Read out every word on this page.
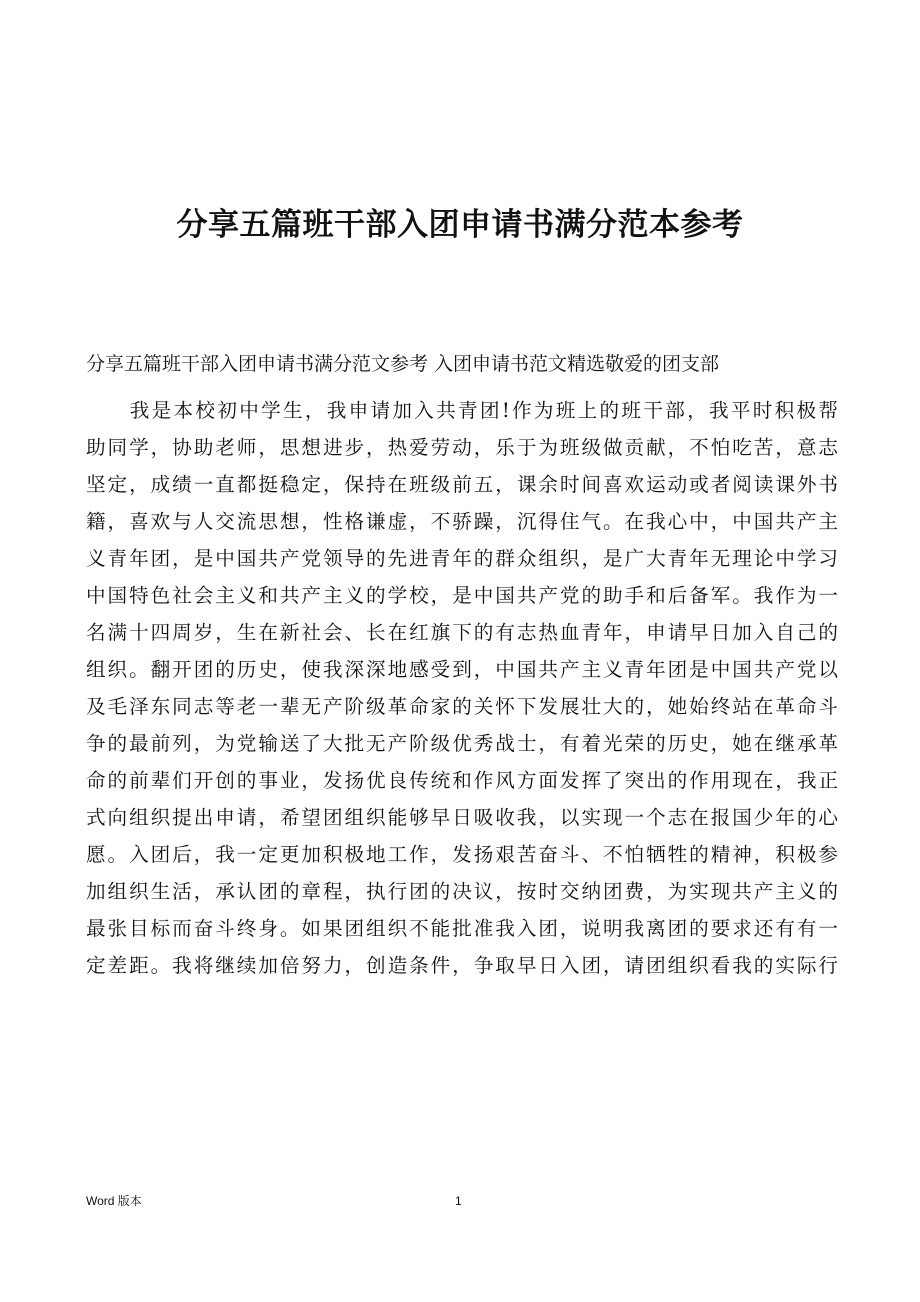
分享五篇班干部入团申请书满分范本参考
分享五篇班干部入团申请书满分范文参考 入团申请书范文精选敬爱的团支部
　　我是本校初中学生，我申请加入共青团!作为班上的班干部，我平时积极帮
助同学，协助老师，思想进步，热爱劳动，乐于为班级做贡献，不怕吃苦，意志
坚定，成绩一直都挺稳定，保持在班级前五，课余时间喜欢运动或者阅读课外书
籍，喜欢与人交流思想，性格谦虚，不骄躁，沉得住气。在我心中，中国共产主
义青年团，是中国共产党领导的先进青年的群众组织，是广大青年无理论中学习
中国特色社会主义和共产主义的学校，是中国共产党的助手和后备军。我作为一
名满十四周岁，生在新社会、长在红旗下的有志热血青年，申请早日加入自己的
组织。翻开团的历史，使我深深地感受到，中国共产主义青年团是中国共产党以
及毛泽东同志等老一辈无产阶级革命家的关怀下发展壮大的，她始终站在革命斗
争的最前列，为党输送了大批无产阶级优秀战士，有着光荣的历史，她在继承革
命的前辈们开创的事业，发扬优良传统和作风方面发挥了突出的作用现在，我正
式向组织提出申请，希望团组织能够早日吸收我，以实现一个志在报国少年的心
愿。入团后，我一定更加积极地工作，发扬艰苦奋斗、不怕牺牲的精神，积极参
加组织生活，承认团的章程，执行团的决议，按时交纳团费，为实现共产主义的
最张目标而奋斗终身。如果团组织不能批准我入团，说明我离团的要求还有有一
定差距。我将继续加倍努力，创造条件，争取早日入团，请团组织看我的实际行
Word 版本	1
